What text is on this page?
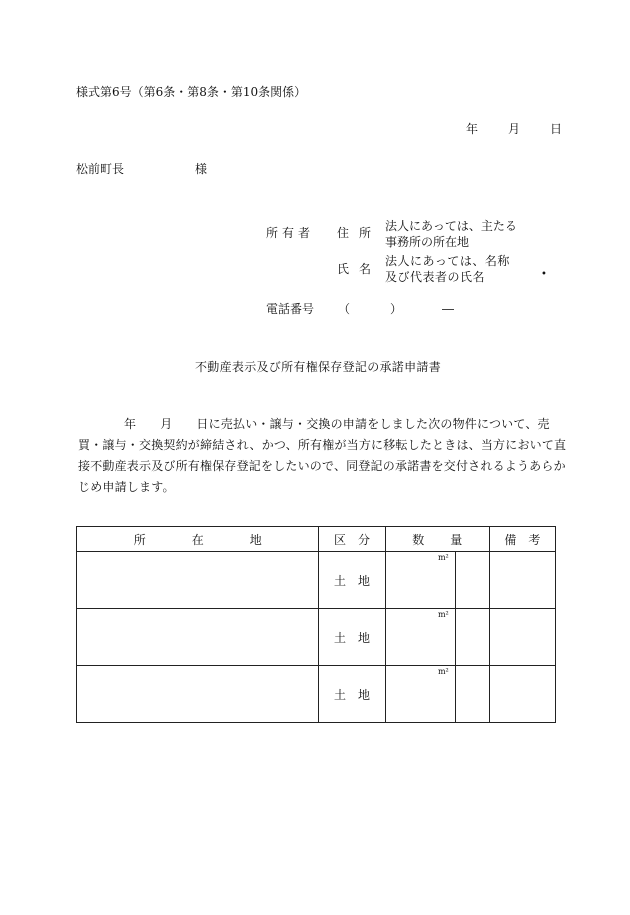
様式第6号（第6条・第8条・第10条関係）
年	月	日
松前町長	様
所有者 住所 法人にあっては、主たる
事務所の所在地
氏名
法人にあっては、名称
及び代表者の氏名	•
電話番号 （	）	―
不動産表示及び所有権保存登記の承諾申請書
年 月 日に売払い・譲与・交換の申請をしました次の物件について、売
買・譲与・交換契約が締結され、かつ、所有権が当方に移転したときは、当方において直
接不動産表示及び所有権保存登記をしたいので、同登記の承諾書を交付されるようあらか
じめ申請します。
所在地	区分	数量		備考
	土地	m²		

	土地	m²		

	土地	m²		
